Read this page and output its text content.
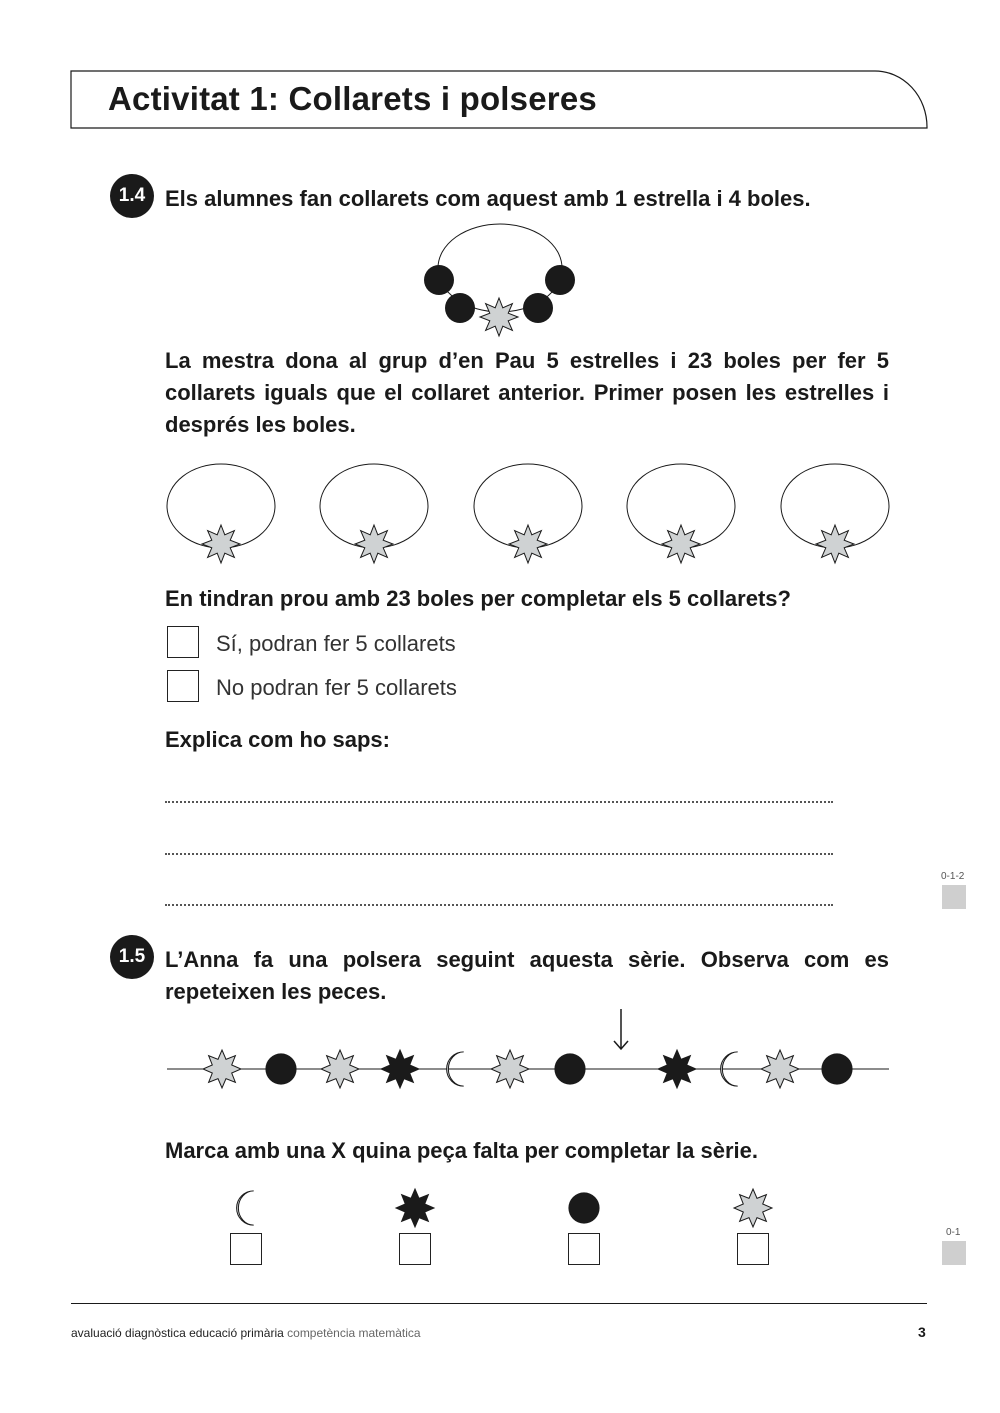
Activitat 1: Collarets i polseres
1.4 Els alumnes fan collarets com aquest amb 1 estrella i 4 boles.
La mestra dona al grup d’en Pau 5 estrelles i 23 boles per fer 5 collarets iguals que el collaret anterior. Primer posen les estrelles i després les boles.
En tindran prou amb 23 boles per completar els 5 collarets?
Sí, podran fer 5 collarets
No podran fer 5 collarets
Explica com ho saps:
0-1-2
1.5 L’Anna fa una polsera seguint aquesta sèrie. Observa com es repeteixen les peces.
Marca amb una X quina peça falta per completar la sèrie.
0-1
avaluació diagnòstica educació primària competència matemàtica	3
